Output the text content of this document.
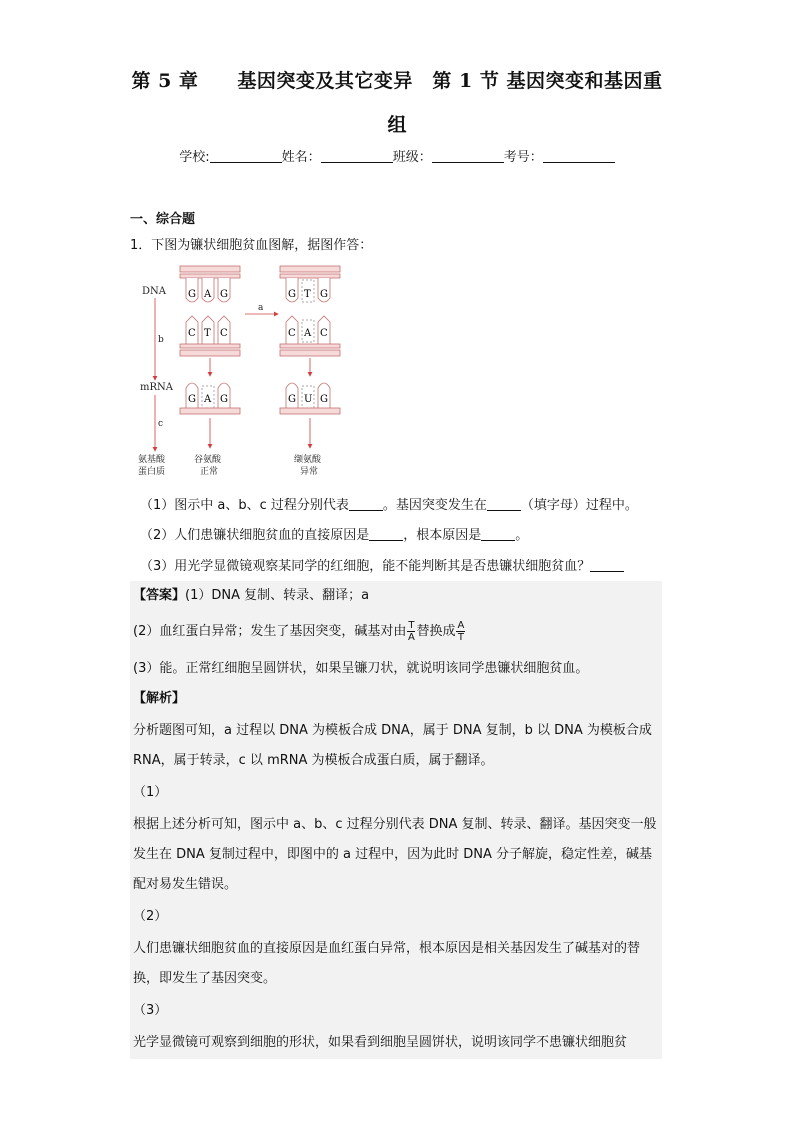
第 5 章　　基因突变及其它变异　第 1 节 基因突变和基因重
组
学校:	姓名：	班级：	考号：
一、综合题
1．下图为镰状细胞贫血图解，据图作答：
DNA
mRNA
b
c
氨基酸
蛋白质
G A G
C T C
a
G T G
C A C
G A G	G U G
谷氨酸
正常
缬氨酸
异常
（1）图示中 a、b、c 过程分别代表	。基因突变发生在	（填字母）过程中。
（2）人们患镰状细胞贫血的直接原因是	，根本原因是	。
（3）用光学显微镜观察某同学的红细胞，能不能判断其是否患镰状细胞贫血？
【答案】(1）DNA 复制、转录、翻译；a
(2）血红蛋白异常；发生了基因突变，碱基对由 $\frac{T}{A}$ 替换成 $\frac{A}{T}$
(3）能。正常红细胞呈圆饼状，如果呈镰刀状，就说明该同学患镰状细胞贫血。
【解析】
分析题图可知，a 过程以 DNA 为模板合成 DNA，属于 DNA 复制，b 以 DNA 为模板合成 RNA，属于转录，c 以 mRNA 为模板合成蛋白质，属于翻译。
（1）
根据上述分析可知，图示中 a、b、c 过程分别代表 DNA 复制、转录、翻译。基因突变一般发生在 DNA 复制过程中，即图中的 a 过程中，因为此时 DNA 分子解旋，稳定性差，碱基配对易发生错误。
（2）
人们患镰状细胞贫血的直接原因是血红蛋白异常，根本原因是相关基因发生了碱基对的替换，即发生了基因突变。
（3）
光学显微镜可观察到细胞的形状，如果看到细胞呈圆饼状，说明该同学不患镰状细胞贫
